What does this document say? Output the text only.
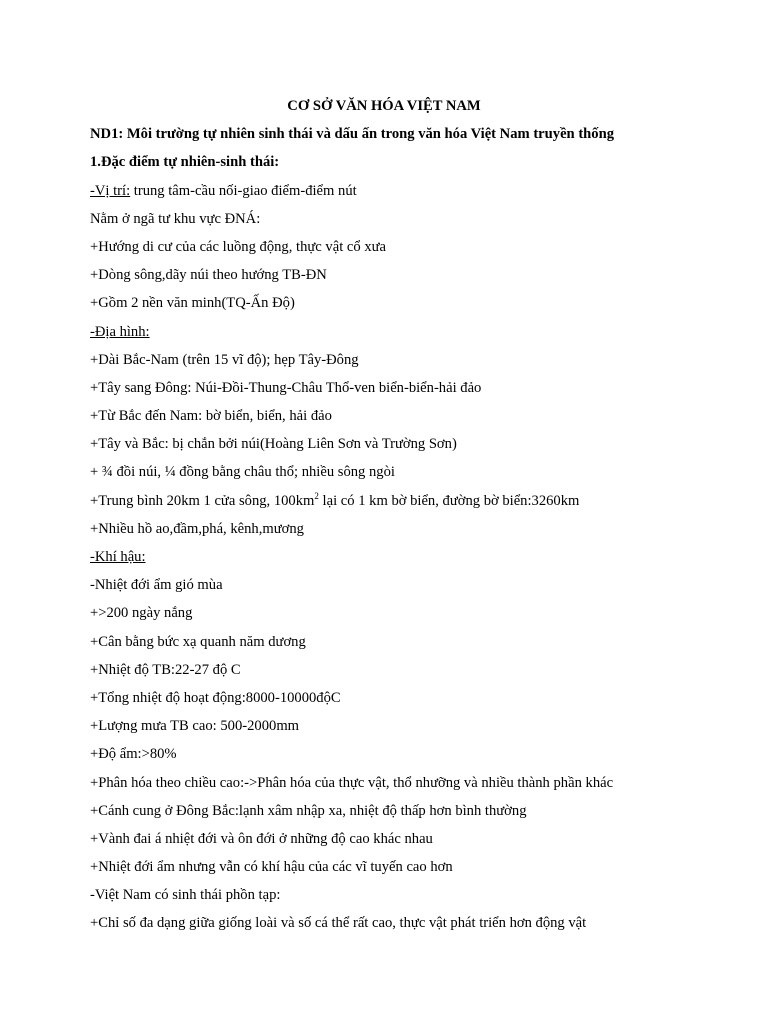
CƠ SỞ VĂN HÓA VIỆT NAM

ND1: Môi trường tự nhiên sinh thái và dấu ấn trong văn hóa Việt Nam truyền thống

1.Đặc điểm tự nhiên-sinh thái:

-Vị trí: trung tâm-cầu nối-giao điểm-điểm nút

Nằm ở ngã tư khu vực ĐNÁ:

+Hướng di cư của các luồng động, thực vật cổ xưa

+Dòng sông,dãy núi theo hướng TB-ĐN

+Gồm 2 nền văn minh(TQ-Ấn Độ)

-Địa hình:

+Dài Bắc-Nam (trên 15 vĩ độ); hẹp Tây-Đông

+Tây sang Đông: Núi-Đồi-Thung-Châu Thổ-ven biển-biển-hải đảo

+Từ Bắc đến Nam: bờ biển, biển, hải đảo

+Tây và Bắc: bị chắn bởi núi(Hoàng Liên Sơn và Trường Sơn)

+ ¾ đồi núi, ¼ đồng bằng châu thổ; nhiều sông ngòi

+Trung bình 20km 1 cửa sông, $100km^2$ lại có 1 km bờ biển, đường bờ biển:3260km

+Nhiều hồ ao,đầm,phá, kênh,mương

-Khí hậu:

-Nhiệt đới ẩm gió mùa

+>200 ngày nắng

+Cân bằng bức xạ quanh năm dương

+Nhiệt độ TB:22-27 độ C

+Tổng nhiệt độ hoạt động:8000-10000độC

+Lượng mưa TB cao: 500-2000mm

+Độ ẩm:>80%

+Phân hóa theo chiều cao:->Phân hóa của thực vật, thổ nhưỡng và nhiều thành phần khác

+Cánh cung ở Đông Bắc:lạnh xâm nhập xa, nhiệt độ thấp hơn bình thường

+Vành đai á nhiệt đới và ôn đới ở những độ cao khác nhau

+Nhiệt đới ẩm nhưng vẫn có khí hậu của các vĩ tuyến cao hơn

-Việt Nam có sinh thái phồn tạp:

+Chỉ số đa dạng giữa giống loài và số cá thể rất cao, thực vật phát triển hơn động vật
